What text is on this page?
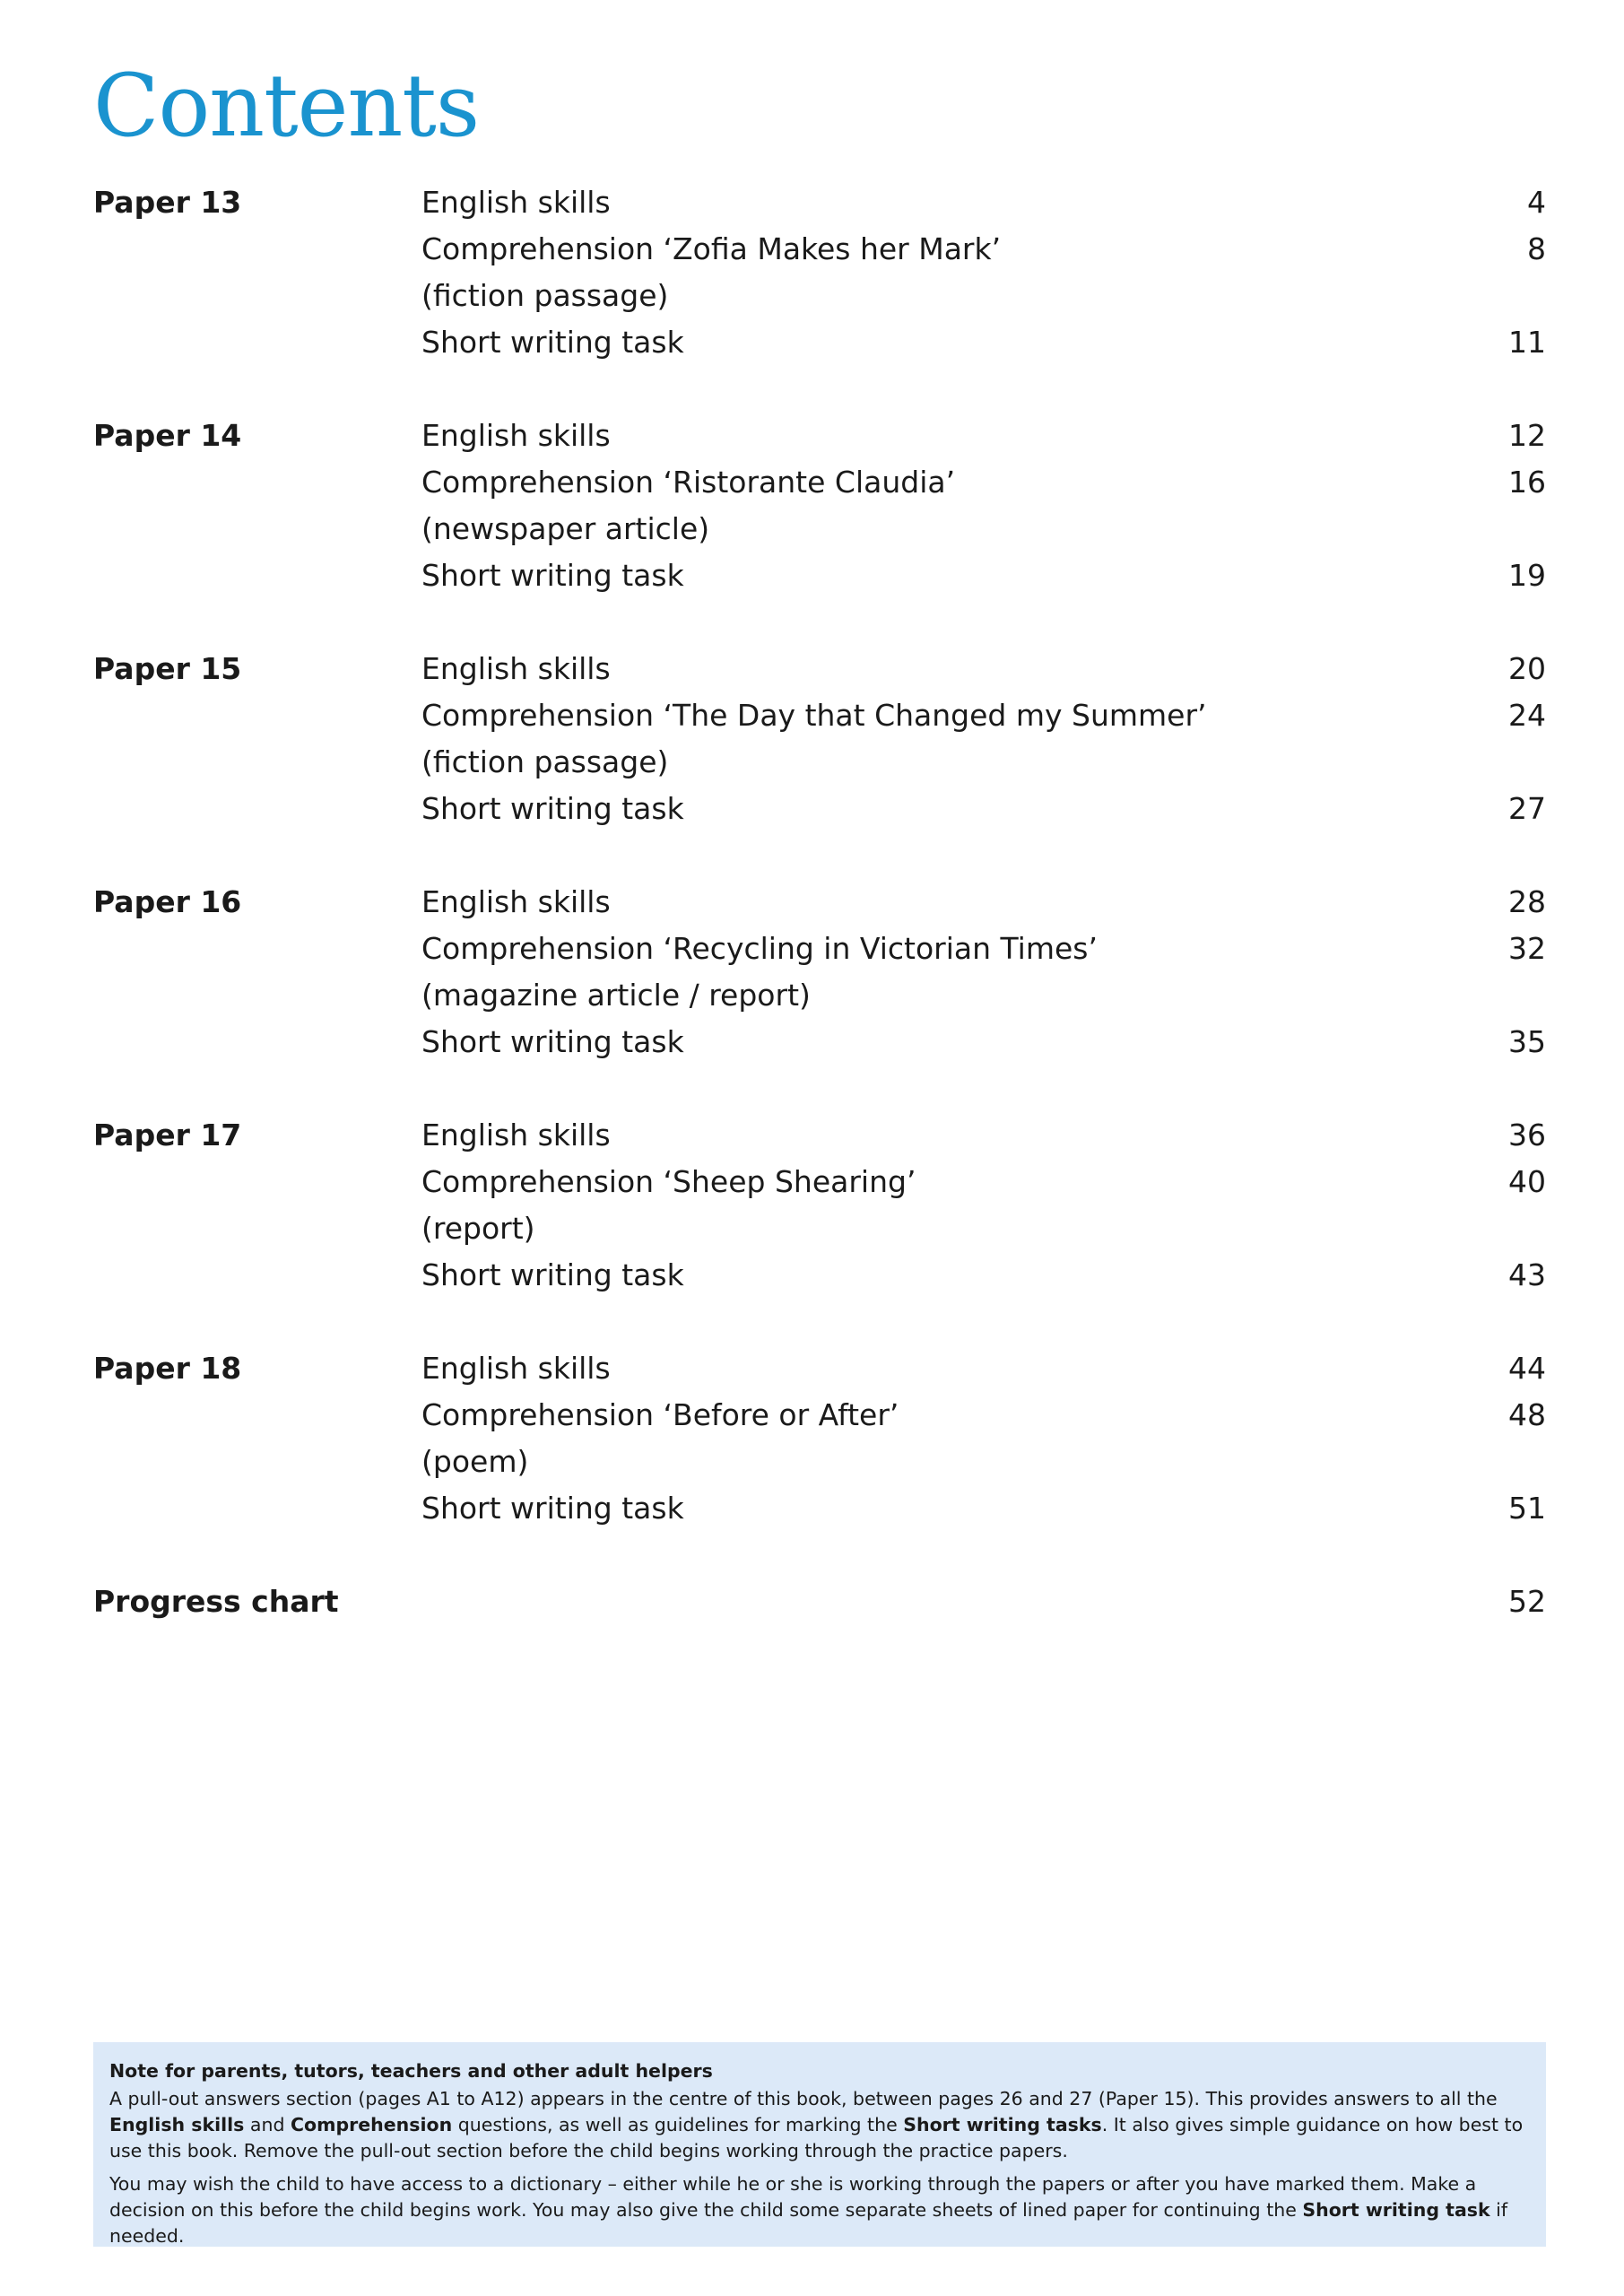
Contents
Paper 13	English skills	4
Comprehension ‘Zofia Makes her Mark’	8
(fiction passage)
Short writing task	11
Paper 14	English skills	12
Comprehension ‘Ristorante Claudia’	16
(newspaper article)
Short writing task	19
Paper 15	English skills	20
Comprehension ‘The Day that Changed my Summer’	24
(fiction passage)
Short writing task	27
Paper 16	English skills	28
Comprehension ‘Recycling in Victorian Times’	32
(magazine article / report)
Short writing task	35
Paper 17	English skills	36
Comprehension ‘Sheep Shearing’	40
(report)
Short writing task	43
Paper 18	English skills	44
Comprehension ‘Before or After’	48
(poem)
Short writing task	51
Progress chart	52
Note for parents, tutors, teachers and other adult helpers

A pull-out answers section (pages A1 to A12) appears in the centre of this book, between pages 26 and 27 (Paper 15). This provides answers to all the English skills and Comprehension questions, as well as guidelines for marking the Short writing tasks. It also gives simple guidance on how best to use this book. Remove the pull-out section before the child begins working through the practice papers.

You may wish the child to have access to a dictionary – either while he or she is working through the papers or after you have marked them. Make a decision on this before the child begins work. You may also give the child some separate sheets of lined paper for continuing the Short writing task if needed.
